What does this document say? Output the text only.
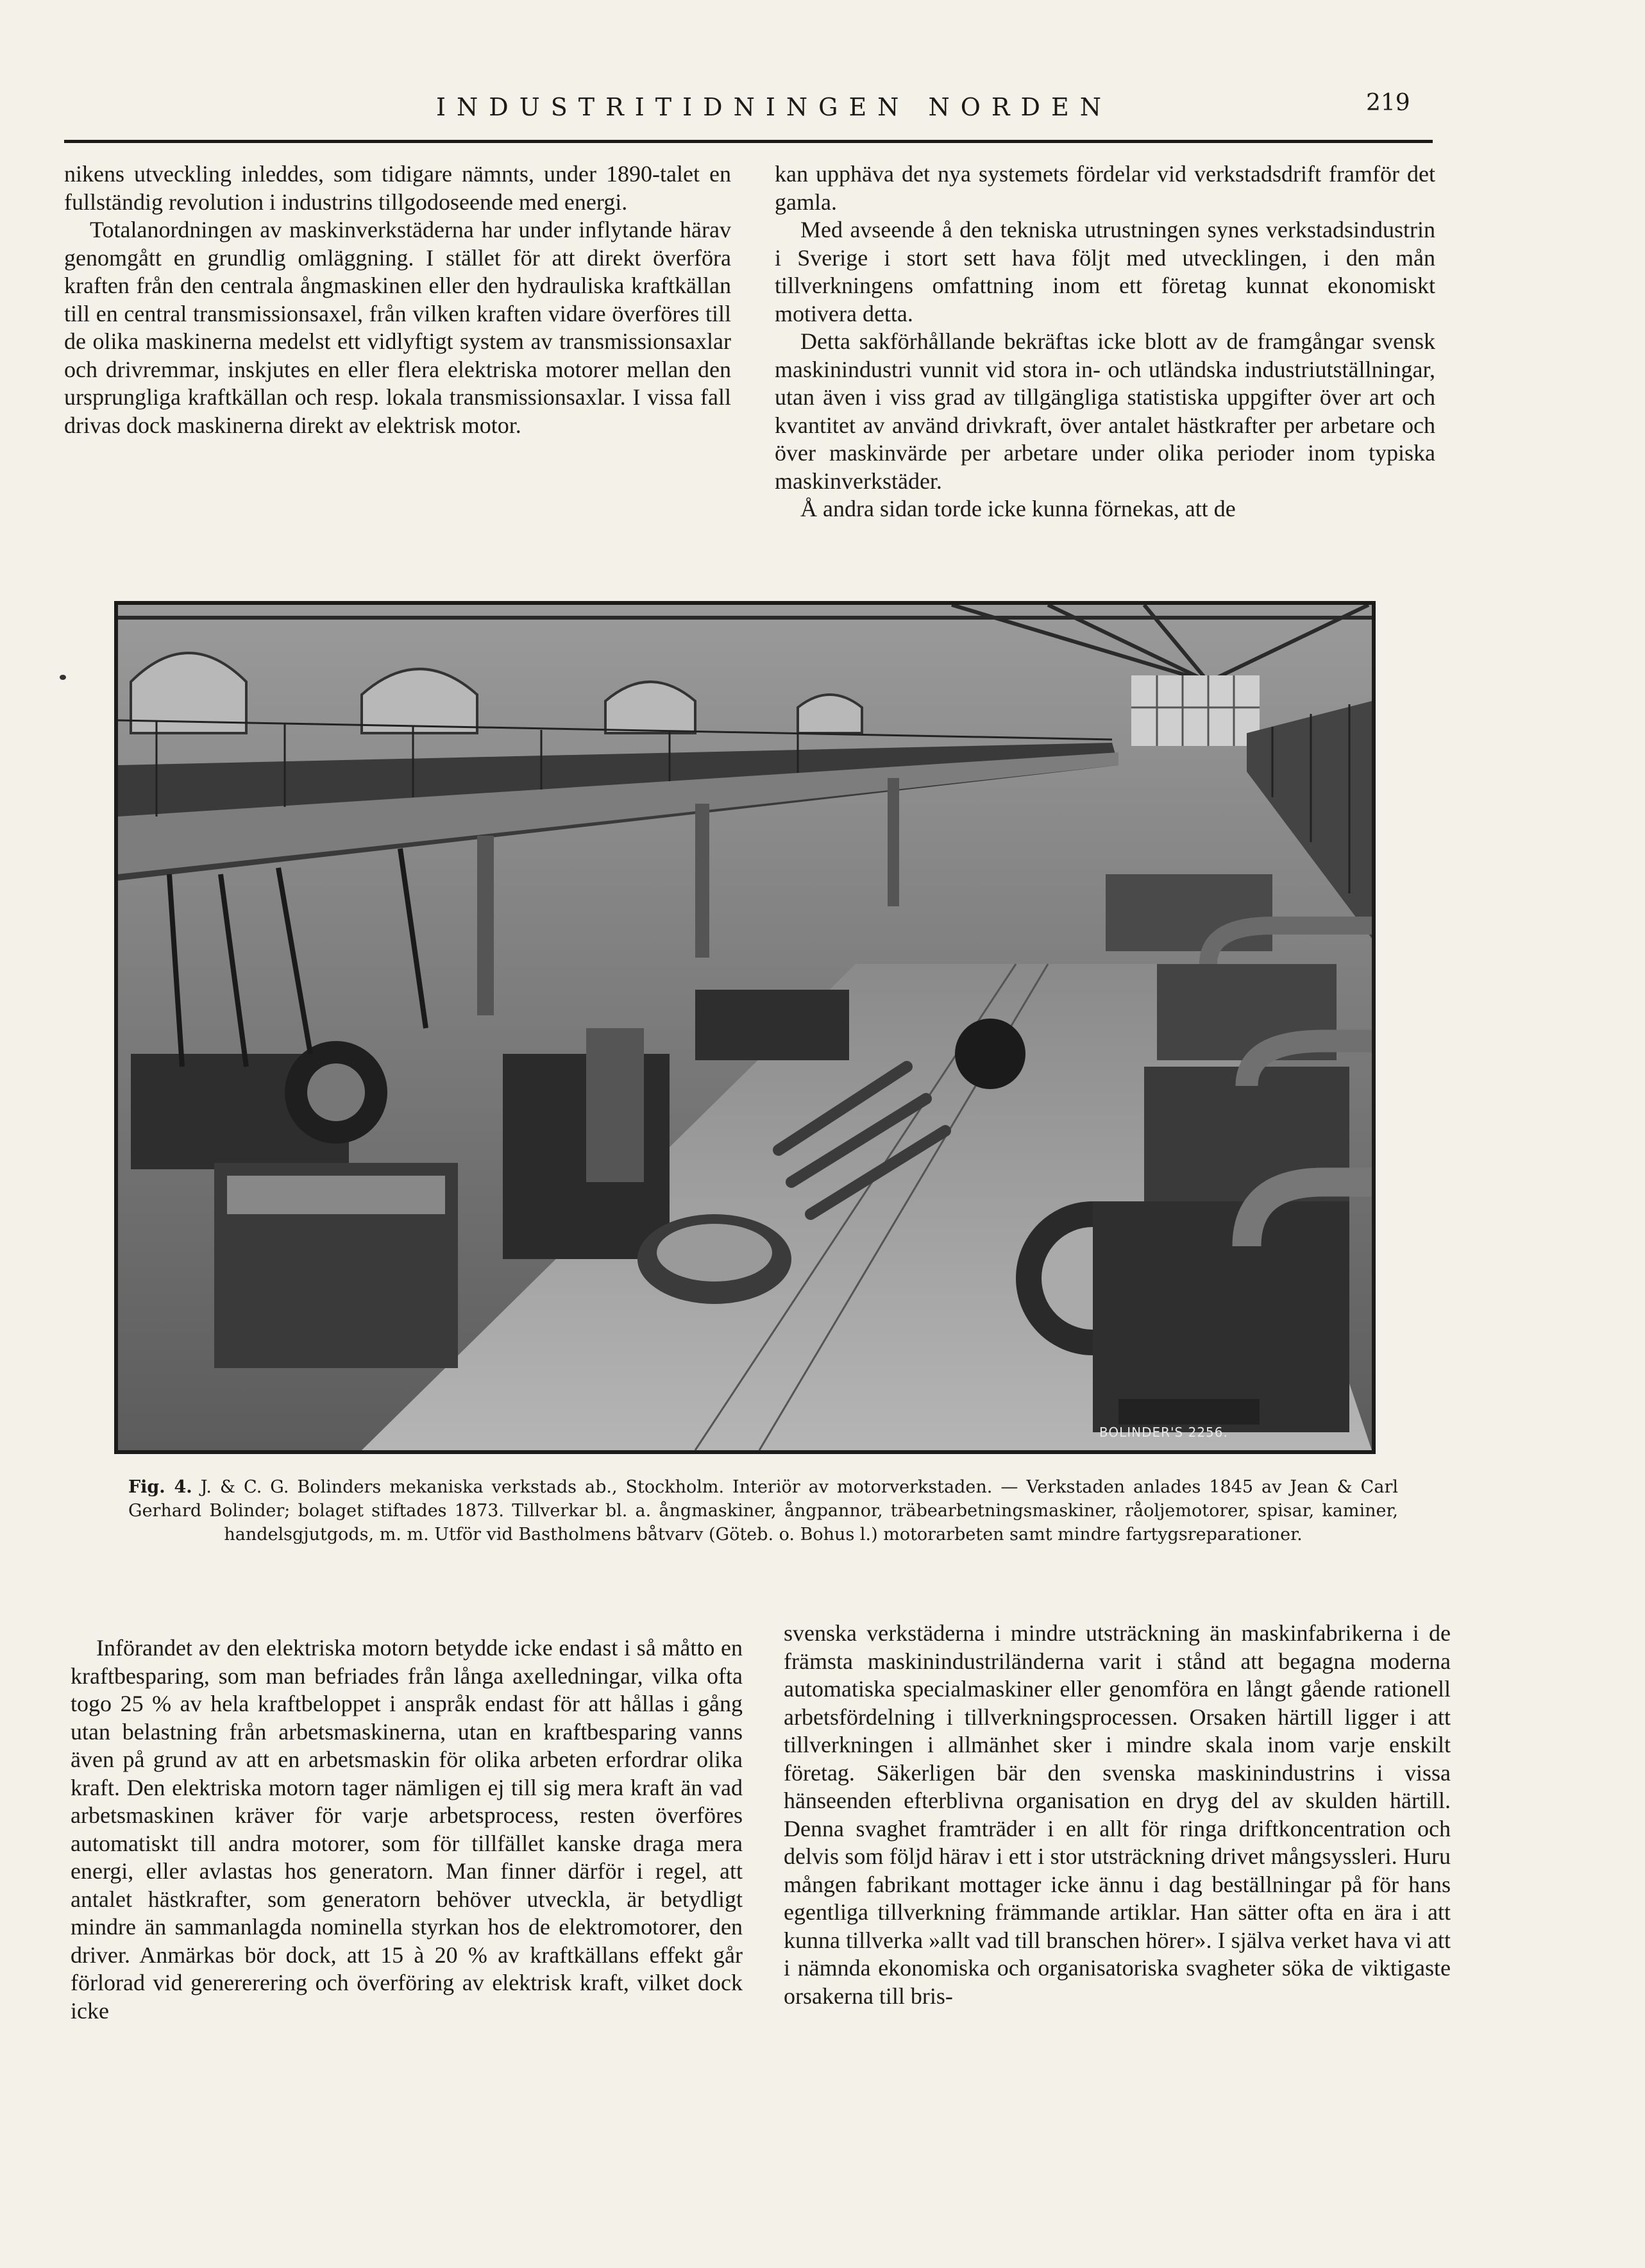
INDUSTRITIDNINGEN NORDEN	219

nikens utveckling inleddes, som tidigare nämnts, under 1890-talet en fullständig revolution i industrins tillgodoseende med energi.

Totalanordningen av maskinverkstäderna har under inflytande härav genomgått en grundlig omläggning. I stället för att direkt överföra kraften från den centrala ångmaskinen eller den hydrauliska kraftkällan till en central transmissionsaxel, från vilken kraften vidare överföres till de olika maskinerna medelst ett vidlyftigt system av transmissionsaxlar och drivremmar, inskjutes en eller flera elektriska motorer mellan den ursprungliga kraftkällan och resp. lokala transmissionsaxlar. I vissa fall drivas dock maskinerna direkt av elektrisk motor.

kan upphäva det nya systemets fördelar vid verkstadsdrift framför det gamla.

Med avseende å den tekniska utrustningen synes verkstadsindustrin i Sverige i stort sett hava följt med utvecklingen, i den mån tillverkningens omfattning inom ett företag kunnat ekonomiskt motivera detta.

Detta sakförhållande bekräftas icke blott av de framgångar svensk maskinindustri vunnit vid stora in- och utländska industriutställningar, utan även i viss grad av tillgängliga statistiska uppgifter över art och kvantitet av använd drivkraft, över antalet hästkrafter per arbetare och över maskinvärde per arbetare under olika perioder inom typiska maskinverkstäder.

Å andra sidan torde icke kunna förnekas, att de

BOLINDER'S 2256.
Fig. 4. J. & C. G. Bolinders mekaniska verkstads ab., Stockholm. Interiör av motorverkstaden. — Verkstaden anlades 1845 av Jean & Carl Gerhard Bolinder; bolaget stiftades 1873. Tillverkar bl. a. ångmaskiner, ångpannor, träbearbetningsmaskiner, råoljemotorer, spisar, kaminer, handelsgjutgods, m. m. Utför vid Bastholmens båtvarv (Göteb. o. Bohus l.) motorarbeten samt mindre fartygsreparationer.

Införandet av den elektriska motorn betydde icke endast i så måtto en kraftbesparing, som man befriades från långa axelledningar, vilka ofta togo 25 % av hela kraftbeloppet i anspråk endast för att hållas i gång utan belastning från arbetsmaskinerna, utan en kraftbesparing vanns även på grund av att en arbetsmaskin för olika arbeten erfordrar olika kraft. Den elektriska motorn tager nämligen ej till sig mera kraft än vad arbetsmaskinen kräver för varje arbetsprocess, resten överföres automatiskt till andra motorer, som för tillfället kanske draga mera energi, eller avlastas hos generatorn. Man finner därför i regel, att antalet hästkrafter, som generatorn behöver utveckla, är betydligt mindre än sammanlagda nominella styrkan hos de elektromotorer, den driver. Anmärkas bör dock, att 15 à 20 % av kraftkällans effekt går förlorad vid genererering och överföring av elektrisk kraft, vilket dock icke

svenska verkstäderna i mindre utsträckning än maskinfabrikerna i de främsta maskinindustriländerna varit i stånd att begagna moderna automatiska specialmaskiner eller genomföra en långt gående rationell arbetsfördelning i tillverkningsprocessen. Orsaken härtill ligger i att tillverkningen i allmänhet sker i mindre skala inom varje enskilt företag. Säkerligen bär den svenska maskinindustrins i vissa hänseenden efterblivna organisation en dryg del av skulden härtill. Denna svaghet framträder i en allt för ringa driftkoncentration och delvis som följd härav i ett i stor utsträckning drivet mångsyssleri. Huru mången fabrikant mottager icke ännu i dag beställningar på för hans egentliga tillverkning främmande artiklar. Han sätter ofta en ära i att kunna tillverka »allt vad till branschen hörer». I själva verket hava vi att i nämnda ekonomiska och organisatoriska svagheter söka de viktigaste orsakerna till bris-
